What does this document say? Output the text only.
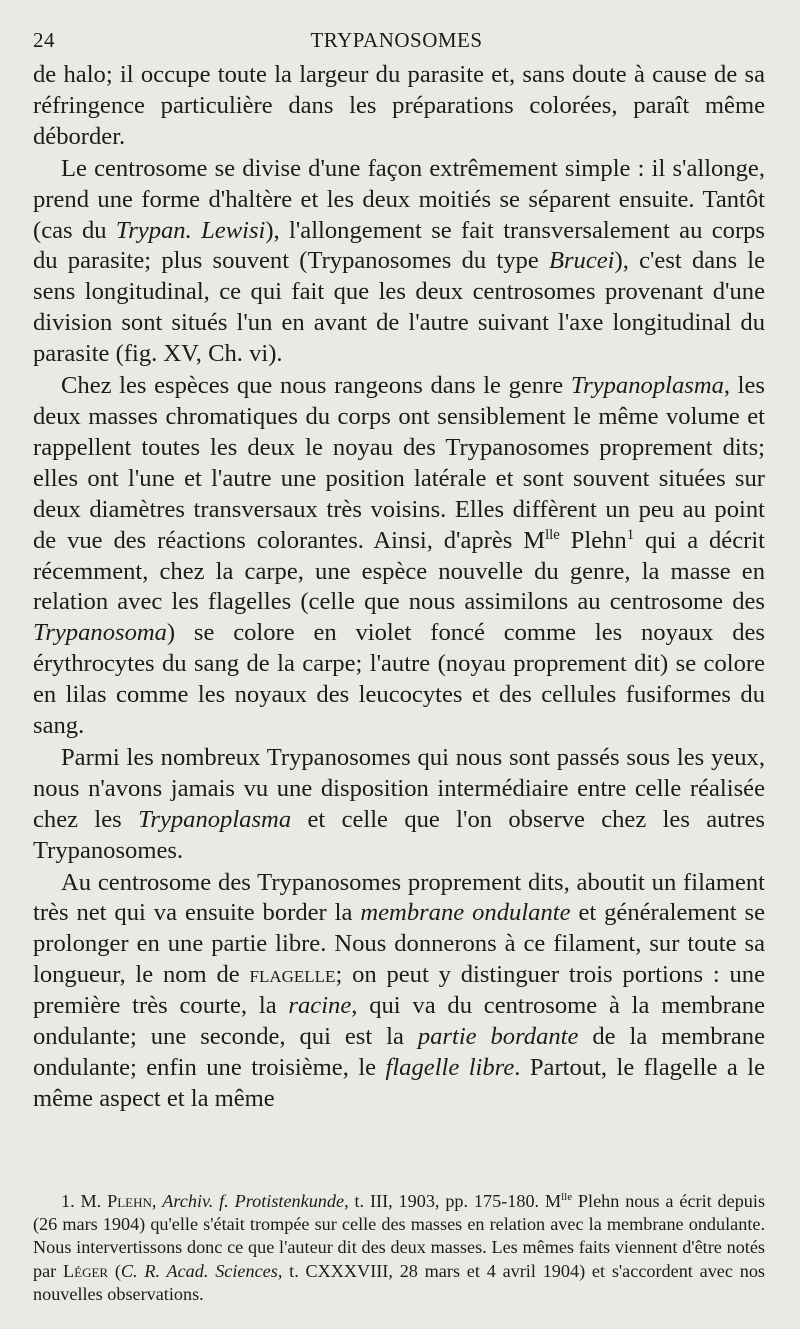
24	TRYPANOSOMES

de halo; il occupe toute la largeur du parasite et, sans doute à cause de sa réfringence particulière dans les préparations colorées, paraît même déborder.

Le centrosome se divise d'une façon extrêmement simple : il s'allonge, prend une forme d'haltère et les deux moitiés se séparent ensuite. Tantôt (cas du Trypan. Lewisi), l'allongement se fait transversalement au corps du parasite; plus souvent (Trypanosomes du type Brucei), c'est dans le sens longitudinal, ce qui fait que les deux centrosomes provenant d'une division sont situés l'un en avant de l'autre suivant l'axe longitudinal du parasite (fig. XV, Ch. vi).

Chez les espèces que nous rangeons dans le genre Trypanoplasma, les deux masses chromatiques du corps ont sensiblement le même volume et rappellent toutes les deux le noyau des Trypanosomes proprement dits; elles ont l'une et l'autre une position latérale et sont souvent situées sur deux diamètres transversaux très voisins. Elles diffèrent un peu au point de vue des réactions colorantes. Ainsi, d'après $M^{lle}$ Plehn$^1$ qui a décrit récemment, chez la carpe, une espèce nouvelle du genre, la masse en relation avec les flagelles (celle que nous assimilons au centrosome des Trypanosoma) se colore en violet foncé comme les noyaux des érythrocytes du sang de la carpe; l'autre (noyau proprement dit) se colore en lilas comme les noyaux des leucocytes et des cellules fusiformes du sang.

Parmi les nombreux Trypanosomes qui nous sont passés sous les yeux, nous n'avons jamais vu une disposition intermédiaire entre celle réalisée chez les Trypanoplasma et celle que l'on observe chez les autres Trypanosomes.

Au centrosome des Trypanosomes proprement dits, aboutit un filament très net qui va ensuite border la membrane ondulante et généralement se prolonger en une partie libre. Nous donnerons à ce filament, sur toute sa longueur, le nom de flagelle; on peut y distinguer trois portions : une première très courte, la racine, qui va du centrosome à la membrane ondulante; une seconde, qui est la partie bordante de la membrane ondulante; enfin une troisième, le flagelle libre. Partout, le flagelle a le même aspect et la même

1. M. Plehn, Archiv. f. Protistenkunde, t. III, 1903, pp. 175-180. $M^{lle}$ Plehn nous a écrit depuis (26 mars 1904) qu'elle s'était trompée sur celle des masses en relation avec la membrane ondulante. Nous intervertissons donc ce que l'auteur dit des deux masses. Les mêmes faits viennent d'être notés par Léger (C. R. Acad. Sciences, t. CXXXVIII, 28 mars et 4 avril 1904) et s'accordent avec nos nouvelles observations.
